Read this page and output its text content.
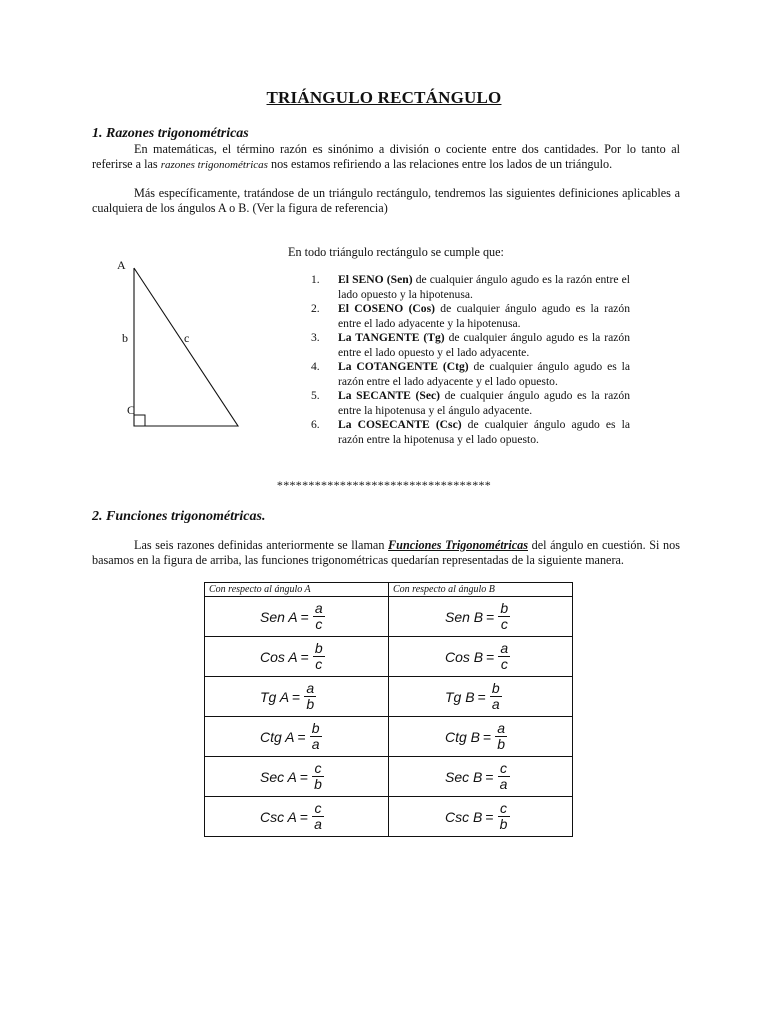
TRIÁNGULO RECTÁNGULO
1. Razones trigonométricas
En matemáticas, el término razón es sinónimo a división o cociente entre dos cantidades. Por lo tanto al referirse a las razones trigonométricas nos estamos refiriendo a las relaciones entre los lados de un triángulo.
Más específicamente, tratándose de un triángulo rectángulo, tendremos las siguientes definiciones aplicables a cualquiera de los ángulos A o B. (Ver la figura de referencia)
A
b	c
C
En todo triángulo rectángulo se cumple que:
1. El SENO (Sen) de cualquier ángulo agudo es la razón entre el lado opuesto y la hipotenusa.
2. El COSENO (Cos) de cualquier ángulo agudo es la razón entre el lado adyacente y la hipotenusa.
3. La TANGENTE (Tg) de cualquier ángulo agudo es la razón entre el lado opuesto y el lado adyacente.
4. La COTANGENTE (Ctg) de cualquier ángulo agudo es la razón entre el lado adyacente y el lado opuesto.
5. La SECANTE (Sec) de cualquier ángulo agudo es la razón entre la hipotenusa y el ángulo adyacente.
6. La COSECANTE (Csc) de cualquier ángulo agudo es la razón entre la hipotenusa y el lado opuesto.
**********************************
2. Funciones trigonométricas.
Las seis razones definidas anteriormente se llaman Funciones Trigonométricas del ángulo en cuestión. Si nos basamos en la figura de arriba, las funciones trigonométricas quedarían representadas de la siguiente manera.
Con respecto al ángulo A	Con respecto al ángulo B

Sen $A = \frac{a}{c}$	Sen $B = \frac{b}{c}$

Cos $A = \frac{b}{c}$	Cos $B = \frac{a}{c}$

Tg $A = \frac{a}{b}$	Tg $B = \frac{b}{a}$

Ctg $A = \frac{b}{a}$	Ctg $B = \frac{a}{b}$

Sec $A = \frac{c}{b}$	Sec $B = \frac{c}{a}$

Csc $A = \frac{c}{a}$	Csc $B = \frac{c}{b}$
